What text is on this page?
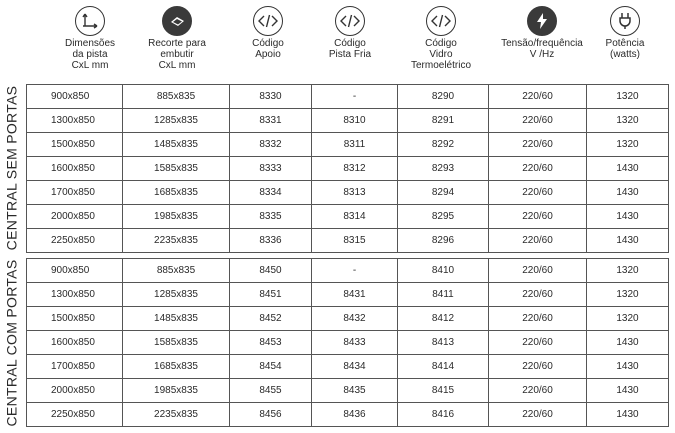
Dimensões
da pista
CxL mm
Recorte para
embutir
CxL mm
Código
Apoio
Código
Pista Fria
Código
Vidro
Termoelétrico
Tensão/frequência
V /Hz
Potência
(watts)
CENTRAL SEM PORTAS
CENTRAL COM PORTAS
900x850	885x835	8330	-	8290	220/60	1320
1300x850	1285x835	8331	8310	8291	220/60	1320
1500x850	1485x835	8332	8311	8292	220/60	1320
1600x850	1585x835	8333	8312	8293	220/60	1430
1700x850	1685x835	8334	8313	8294	220/60	1430
2000x850	1985x835	8335	8314	8295	220/60	1430
2250x850	2235x835	8336	8315	8296	220/60	1430
900x850	885x835	8450	-	8410	220/60	1320
1300x850	1285x835	8451	8431	8411	220/60	1320
1500x850	1485x835	8452	8432	8412	220/60	1320
1600x850	1585x835	8453	8433	8413	220/60	1430
1700x850	1685x835	8454	8434	8414	220/60	1430
2000x850	1985x835	8455	8435	8415	220/60	1430
2250x850	2235x835	8456	8436	8416	220/60	1430
